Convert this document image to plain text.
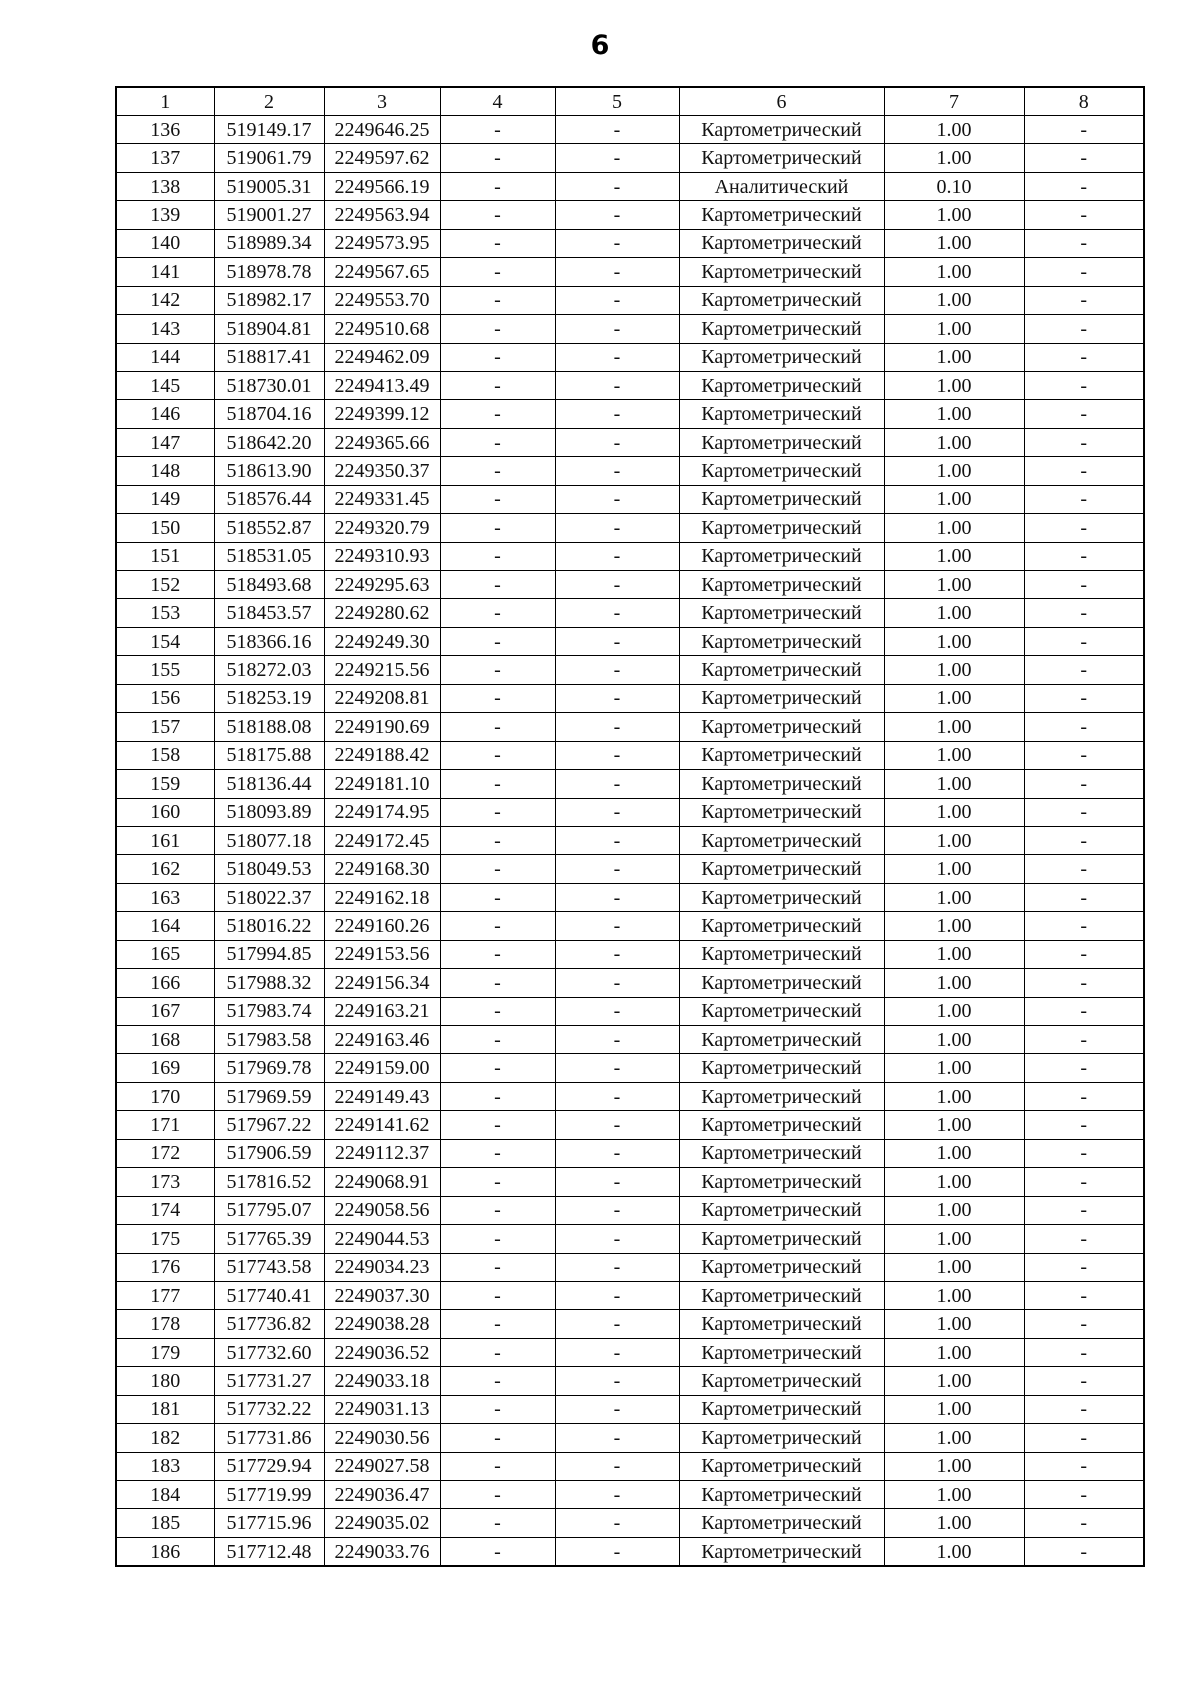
6
1	2	3	4	5	6	7	8
136	519149.17	2249646.25	-	-	Картометрический	1.00	-
137	519061.79	2249597.62	-	-	Картометрический	1.00	-
138	519005.31	2249566.19	-	-	Аналитический	0.10	-
139	519001.27	2249563.94	-	-	Картометрический	1.00	-
140	518989.34	2249573.95	-	-	Картометрический	1.00	-
141	518978.78	2249567.65	-	-	Картометрический	1.00	-
142	518982.17	2249553.70	-	-	Картометрический	1.00	-
143	518904.81	2249510.68	-	-	Картометрический	1.00	-
144	518817.41	2249462.09	-	-	Картометрический	1.00	-
145	518730.01	2249413.49	-	-	Картометрический	1.00	-
146	518704.16	2249399.12	-	-	Картометрический	1.00	-
147	518642.20	2249365.66	-	-	Картометрический	1.00	-
148	518613.90	2249350.37	-	-	Картометрический	1.00	-
149	518576.44	2249331.45	-	-	Картометрический	1.00	-
150	518552.87	2249320.79	-	-	Картометрический	1.00	-
151	518531.05	2249310.93	-	-	Картометрический	1.00	-
152	518493.68	2249295.63	-	-	Картометрический	1.00	-
153	518453.57	2249280.62	-	-	Картометрический	1.00	-
154	518366.16	2249249.30	-	-	Картометрический	1.00	-
155	518272.03	2249215.56	-	-	Картометрический	1.00	-
156	518253.19	2249208.81	-	-	Картометрический	1.00	-
157	518188.08	2249190.69	-	-	Картометрический	1.00	-
158	518175.88	2249188.42	-	-	Картометрический	1.00	-
159	518136.44	2249181.10	-	-	Картометрический	1.00	-
160	518093.89	2249174.95	-	-	Картометрический	1.00	-
161	518077.18	2249172.45	-	-	Картометрический	1.00	-
162	518049.53	2249168.30	-	-	Картометрический	1.00	-
163	518022.37	2249162.18	-	-	Картометрический	1.00	-
164	518016.22	2249160.26	-	-	Картометрический	1.00	-
165	517994.85	2249153.56	-	-	Картометрический	1.00	-
166	517988.32	2249156.34	-	-	Картометрический	1.00	-
167	517983.74	2249163.21	-	-	Картометрический	1.00	-
168	517983.58	2249163.46	-	-	Картометрический	1.00	-
169	517969.78	2249159.00	-	-	Картометрический	1.00	-
170	517969.59	2249149.43	-	-	Картометрический	1.00	-
171	517967.22	2249141.62	-	-	Картометрический	1.00	-
172	517906.59	2249112.37	-	-	Картометрический	1.00	-
173	517816.52	2249068.91	-	-	Картометрический	1.00	-
174	517795.07	2249058.56	-	-	Картометрический	1.00	-
175	517765.39	2249044.53	-	-	Картометрический	1.00	-
176	517743.58	2249034.23	-	-	Картометрический	1.00	-
177	517740.41	2249037.30	-	-	Картометрический	1.00	-
178	517736.82	2249038.28	-	-	Картометрический	1.00	-
179	517732.60	2249036.52	-	-	Картометрический	1.00	-
180	517731.27	2249033.18	-	-	Картометрический	1.00	-
181	517732.22	2249031.13	-	-	Картометрический	1.00	-
182	517731.86	2249030.56	-	-	Картометрический	1.00	-
183	517729.94	2249027.58	-	-	Картометрический	1.00	-
184	517719.99	2249036.47	-	-	Картометрический	1.00	-
185	517715.96	2249035.02	-	-	Картометрический	1.00	-
186	517712.48	2249033.76	-	-	Картометрический	1.00	-
